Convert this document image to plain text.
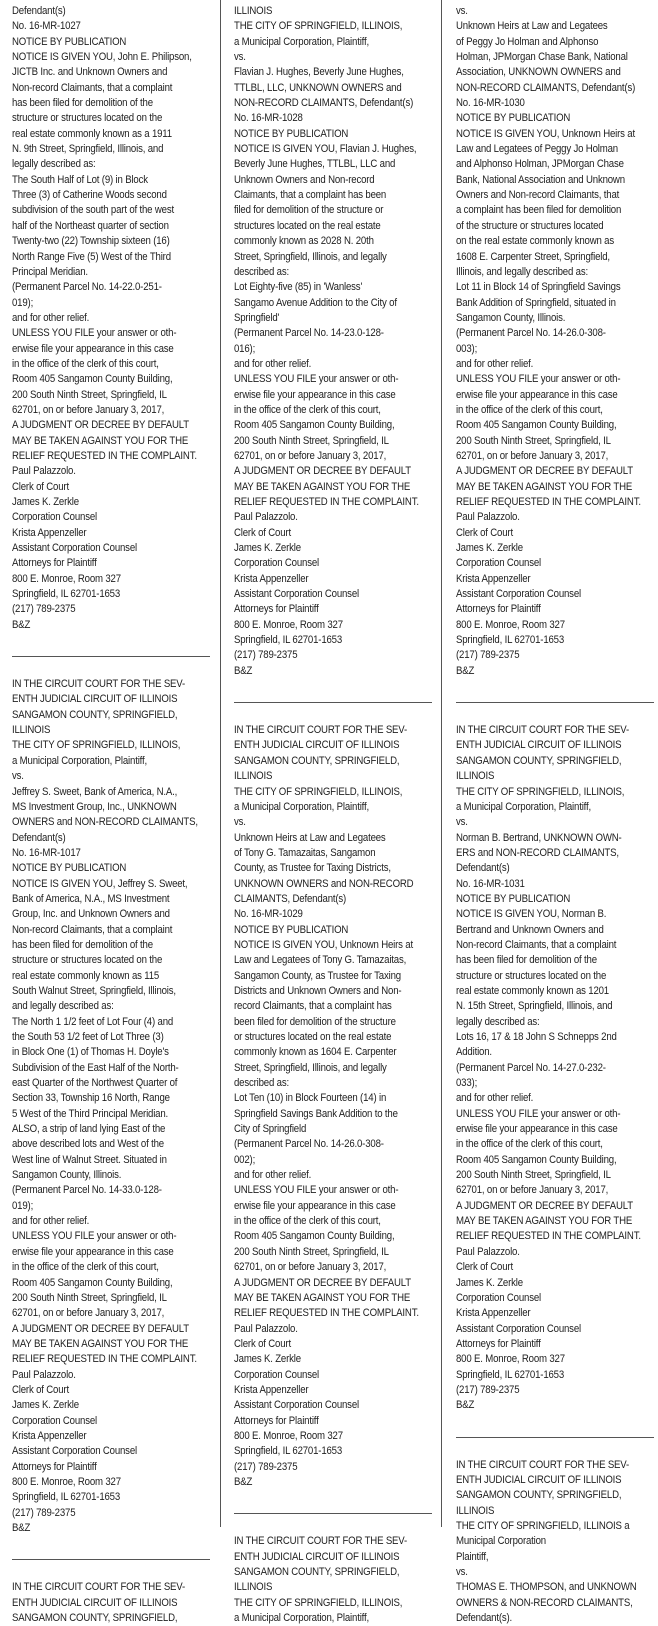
Defendant(s)
No. 16-MR-1027
NOTICE BY PUBLICATION
NOTICE IS GIVEN YOU, John E. Philipson,
JICTB Inc. and Unknown Owners and
Non-record Claimants, that a complaint
has been filed for demolition of the
structure or structures located on the
real estate commonly known as a 1911
N. 9th Street, Springfield, Illinois, and
legally described as:
The South Half of Lot (9) in Block
Three (3) of Catherine Woods second
subdivision of the south part of the west
half of the Northeast quarter of section
Twenty-two (22) Township sixteen (16)
North Range Five (5) West of the Third
Principal Meridian.
(Permanent Parcel No. 14-22.0-251-
019);
and for other relief.
UNLESS YOU FILE your answer or oth-
erwise file your appearance in this case
in the office of the clerk of this court,
Room 405 Sangamon County Building,
200 South Ninth Street, Springfield, IL
62701, on or before January 3, 2017,
A JUDGMENT OR DECREE BY DEFAULT
MAY BE TAKEN AGAINST YOU FOR THE
RELIEF REQUESTED IN THE COMPLAINT.
Paul Palazzolo.
Clerk of Court
James K. Zerkle
Corporation Counsel
Krista Appenzeller
Assistant Corporation Counsel
Attorneys for Plaintiff
800 E. Monroe, Room 327
Springfield, IL 62701-1653
(217) 789-2375
B&Z
IN THE CIRCUIT COURT FOR THE SEV-
ENTH JUDICIAL CIRCUIT OF ILLINOIS
SANGAMON COUNTY, SPRINGFIELD,
ILLINOIS
THE CITY OF SPRINGFIELD, ILLINOIS,
a Municipal Corporation, Plaintiff,
vs.
Jeffrey S. Sweet, Bank of America, N.A.,
MS Investment Group, Inc., UNKNOWN
OWNERS and NON-RECORD CLAIMANTS,
Defendant(s)
No. 16-MR-1017
NOTICE BY PUBLICATION
NOTICE IS GIVEN YOU, Jeffrey S. Sweet,
Bank of America, N.A., MS Investment
Group, Inc. and Unknown Owners and
Non-record Claimants, that a complaint
has been filed for demolition of the
structure or structures located on the
real estate commonly known as 115
South Walnut Street, Springfield, Illinois,
and legally described as:
The North 1 1/2 feet of Lot Four (4) and
the South 53 1/2 feet of Lot Three (3)
in Block One (1) of Thomas H. Doyle's
Subdivision of the East Half of the North-
east Quarter of the Northwest Quarter of
Section 33, Township 16 North, Range
5 West of the Third Principal Meridian.
ALSO, a strip of land lying East of the
above described lots and West of the
West line of Walnut Street. Situated in
Sangamon County, Illinois.
(Permanent Parcel No. 14-33.0-128-
019);
and for other relief.
UNLESS YOU FILE your answer or oth-
erwise file your appearance in this case
in the office of the clerk of this court,
Room 405 Sangamon County Building,
200 South Ninth Street, Springfield, IL
62701, on or before January 3, 2017,
A JUDGMENT OR DECREE BY DEFAULT
MAY BE TAKEN AGAINST YOU FOR THE
RELIEF REQUESTED IN THE COMPLAINT.
Paul Palazzolo.
Clerk of Court
James K. Zerkle
Corporation Counsel
Krista Appenzeller
Assistant Corporation Counsel
Attorneys for Plaintiff
800 E. Monroe, Room 327
Springfield, IL 62701-1653
(217) 789-2375
B&Z
IN THE CIRCUIT COURT FOR THE SEV-
ENTH JUDICIAL CIRCUIT OF ILLINOIS
SANGAMON COUNTY, SPRINGFIELD,
ILLINOIS
THE CITY OF SPRINGFIELD, ILLINOIS,
a Municipal Corporation, Plaintiff,
vs.
Flavian J. Hughes, Beverly June Hughes,
TTLBL, LLC, UNKNOWN OWNERS and
NON-RECORD CLAIMANTS, Defendant(s)
No. 16-MR-1028
NOTICE BY PUBLICATION
NOTICE IS GIVEN YOU, Flavian J. Hughes,
Beverly June Hughes, TTLBL, LLC and
Unknown Owners and Non-record
Claimants, that a complaint has been
filed for demolition of the structure or
structures located on the real estate
commonly known as 2028 N. 20th
Street, Springfield, Illinois, and legally
described as:
Lot Eighty-five (85) in 'Wanless'
Sangamo Avenue Addition to the City of
Springfield'
(Permanent Parcel No. 14-23.0-128-
016);
and for other relief.
UNLESS YOU FILE your answer or oth-
erwise file your appearance in this case
in the office of the clerk of this court,
Room 405 Sangamon County Building,
200 South Ninth Street, Springfield, IL
62701, on or before January 3, 2017,
A JUDGMENT OR DECREE BY DEFAULT
MAY BE TAKEN AGAINST YOU FOR THE
RELIEF REQUESTED IN THE COMPLAINT.
Paul Palazzolo.
Clerk of Court
James K. Zerkle
Corporation Counsel
Krista Appenzeller
Assistant Corporation Counsel
Attorneys for Plaintiff
800 E. Monroe, Room 327
Springfield, IL 62701-1653
(217) 789-2375
B&Z
IN THE CIRCUIT COURT FOR THE SEV-
ENTH JUDICIAL CIRCUIT OF ILLINOIS
SANGAMON COUNTY, SPRINGFIELD,
ILLINOIS
THE CITY OF SPRINGFIELD, ILLINOIS,
a Municipal Corporation, Plaintiff,
vs.
Unknown Heirs at Law and Legatees
of Tony G. Tamazaitas, Sangamon
County, as Trustee for Taxing Districts,
UNKNOWN OWNERS and NON-RECORD
CLAIMANTS, Defendant(s)
No. 16-MR-1029
NOTICE BY PUBLICATION
NOTICE IS GIVEN YOU, Unknown Heirs at
Law and Legatees of Tony G. Tamazaitas,
Sangamon County, as Trustee for Taxing
Districts and Unknown Owners and Non-
record Claimants, that a complaint has
been filed for demolition of the structure
or structures located on the real estate
commonly known as 1604 E. Carpenter
Street, Springfield, Illinois, and legally
described as:
Lot Ten (10) in Block Fourteen (14) in
Springfield Savings Bank Addition to the
City of Springfield
(Permanent Parcel No. 14-26.0-308-
002);
and for other relief.
UNLESS YOU FILE your answer or oth-
erwise file your appearance in this case
in the office of the clerk of this court,
Room 405 Sangamon County Building,
200 South Ninth Street, Springfield, IL
62701, on or before January 3, 2017,
A JUDGMENT OR DECREE BY DEFAULT
MAY BE TAKEN AGAINST YOU FOR THE
RELIEF REQUESTED IN THE COMPLAINT.
Paul Palazzolo.
Clerk of Court
James K. Zerkle
Corporation Counsel
Krista Appenzeller
Assistant Corporation Counsel
Attorneys for Plaintiff
800 E. Monroe, Room 327
Springfield, IL 62701-1653
(217) 789-2375
B&Z
IN THE CIRCUIT COURT FOR THE SEV-
ENTH JUDICIAL CIRCUIT OF ILLINOIS
SANGAMON COUNTY, SPRINGFIELD,
ILLINOIS
THE CITY OF SPRINGFIELD, ILLINOIS,
a Municipal Corporation, Plaintiff,
vs.
Unknown Heirs at Law and Legatees
of Peggy Jo Holman and Alphonso
Holman, JPMorgan Chase Bank, National
Association, UNKNOWN OWNERS and
NON-RECORD CLAIMANTS, Defendant(s)
No. 16-MR-1030
NOTICE BY PUBLICATION
NOTICE IS GIVEN YOU, Unknown Heirs at
Law and Legatees of Peggy Jo Holman
and Alphonso Holman, JPMorgan Chase
Bank, National Association and Unknown
Owners and Non-record Claimants, that
a complaint has been filed for demolition
of the structure or structures located
on the real estate commonly known as
1608 E. Carpenter Street, Springfield,
Illinois, and legally described as:
Lot 11 in Block 14 of Springfield Savings
Bank Addition of Springfield, situated in
Sangamon County, Illinois.
(Permanent Parcel No. 14-26.0-308-
003);
and for other relief.
UNLESS YOU FILE your answer or oth-
erwise file your appearance in this case
in the office of the clerk of this court,
Room 405 Sangamon County Building,
200 South Ninth Street, Springfield, IL
62701, on or before January 3, 2017,
A JUDGMENT OR DECREE BY DEFAULT
MAY BE TAKEN AGAINST YOU FOR THE
RELIEF REQUESTED IN THE COMPLAINT.
Paul Palazzolo.
Clerk of Court
James K. Zerkle
Corporation Counsel
Krista Appenzeller
Assistant Corporation Counsel
Attorneys for Plaintiff
800 E. Monroe, Room 327
Springfield, IL 62701-1653
(217) 789-2375
B&Z
IN THE CIRCUIT COURT FOR THE SEV-
ENTH JUDICIAL CIRCUIT OF ILLINOIS
SANGAMON COUNTY, SPRINGFIELD,
ILLINOIS
THE CITY OF SPRINGFIELD, ILLINOIS,
a Municipal Corporation, Plaintiff,
vs.
Norman B. Bertrand, UNKNOWN OWN-
ERS and NON-RECORD CLAIMANTS,
Defendant(s)
No. 16-MR-1031
NOTICE BY PUBLICATION
NOTICE IS GIVEN YOU, Norman B.
Bertrand and Unknown Owners and
Non-record Claimants, that a complaint
has been filed for demolition of the
structure or structures located on the
real estate commonly known as 1201
N. 15th Street, Springfield, Illinois, and
legally described as:
Lots 16, 17 & 18 John S Schnepps 2nd
Addition.
(Permanent Parcel No. 14-27.0-232-
033);
and for other relief.
UNLESS YOU FILE your answer or oth-
erwise file your appearance in this case
in the office of the clerk of this court,
Room 405 Sangamon County Building,
200 South Ninth Street, Springfield, IL
62701, on or before January 3, 2017,
A JUDGMENT OR DECREE BY DEFAULT
MAY BE TAKEN AGAINST YOU FOR THE
RELIEF REQUESTED IN THE COMPLAINT.
Paul Palazzolo.
Clerk of Court
James K. Zerkle
Corporation Counsel
Krista Appenzeller
Assistant Corporation Counsel
Attorneys for Plaintiff
800 E. Monroe, Room 327
Springfield, IL 62701-1653
(217) 789-2375
B&Z
IN THE CIRCUIT COURT FOR THE SEV-
ENTH JUDICIAL CIRCUIT OF ILLINOIS
SANGAMON COUNTY, SPRINGFIELD,
ILLINOIS
THE CITY OF SPRINGFIELD, ILLINOIS a
Municipal Corporation
Plaintiff,
vs.
THOMAS E. THOMPSON, and UNKNOWN
OWNERS & NON-RECORD CLAIMANTS,
Defendant(s).
